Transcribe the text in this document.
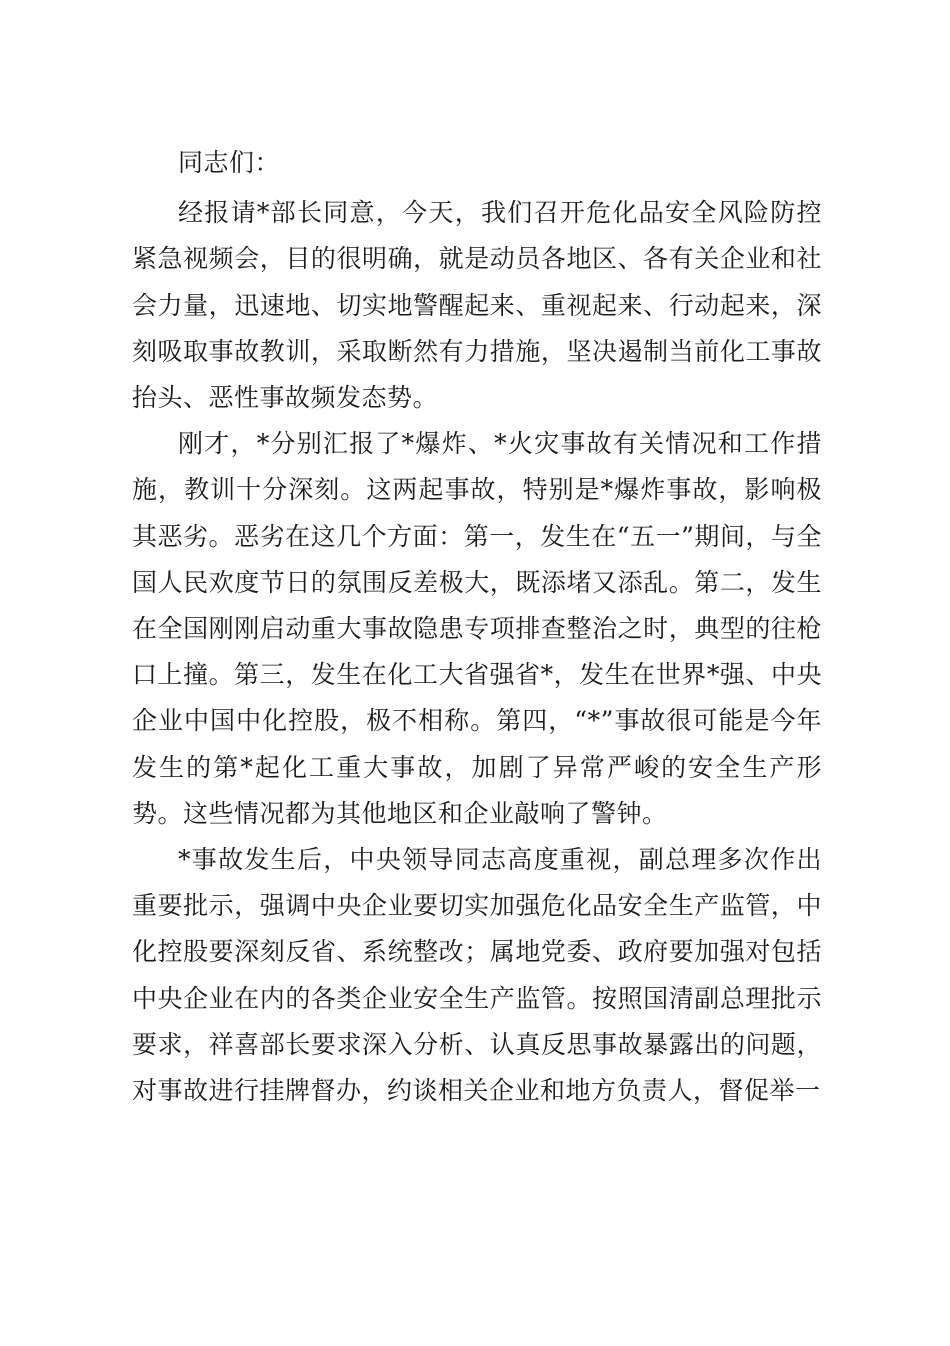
同志们：

经报请*部长同意，今天，我们召开危化品安全风险防控紧急视频会，目的很明确，就是动员各地区、各有关企业和社会力量，迅速地、切实地警醒起来、重视起来、行动起来，深刻吸取事故教训，采取断然有力措施，坚决遏制当前化工事故抬头、恶性事故频发态势。

刚才，*分别汇报了*爆炸、*火灾事故有关情况和工作措施，教训十分深刻。这两起事故，特别是*爆炸事故，影响极其恶劣。恶劣在这几个方面：第一，发生在“五一”期间，与全国人民欢度节日的氛围反差极大，既添堵又添乱。第二，发生在全国刚刚启动重大事故隐患专项排查整治之时，典型的往枪口上撞。第三，发生在化工大省强省*，发生在世界*强、中央企业中国中化控股，极不相称。第四，“*”事故很可能是今年发生的第*起化工重大事故，加剧了异常严峻的安全生产形势。这些情况都为其他地区和企业敲响了警钟。

*事故发生后，中央领导同志高度重视，副总理多次作出重要批示，强调中央企业要切实加强危化品安全生产监管，中化控股要深刻反省、系统整改；属地党委、政府要加强对包括中央企业在内的各类企业安全生产监管。按照国清副总理批示要求，祥喜部长要求深入分析、认真反思事故暴露出的问题，对事故进行挂牌督办，约谈相关企业和地方负责人，督促举一
